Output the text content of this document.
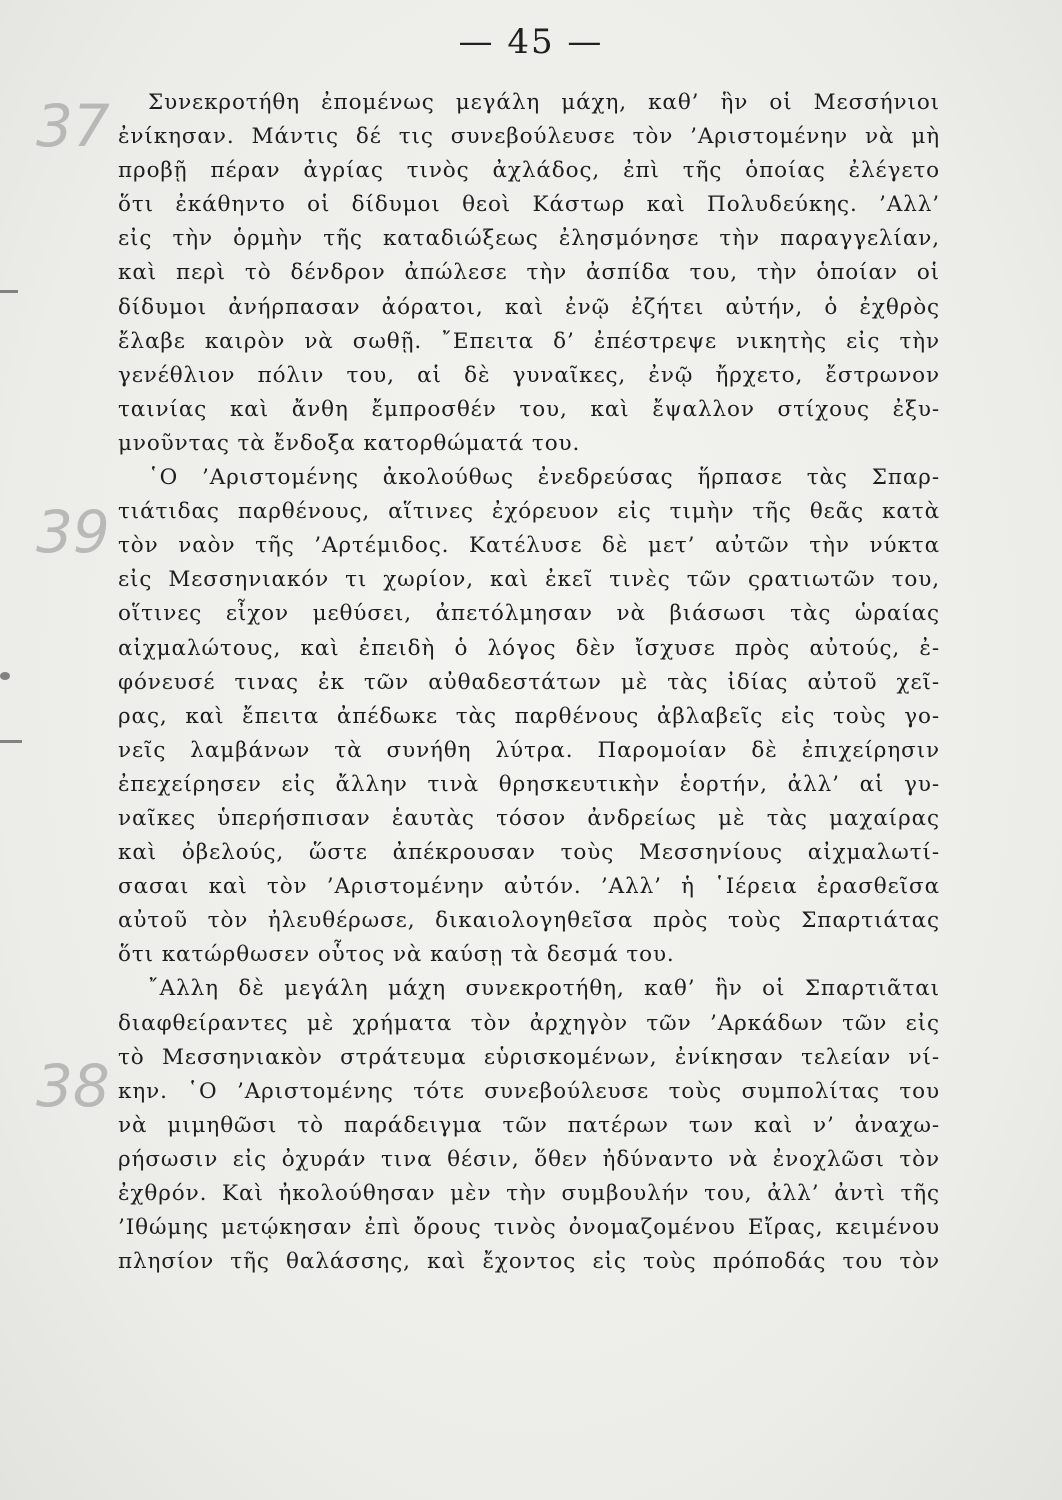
— 45 —
37
39
38
Συνεκροτήθη ἐπομένως μεγάλη μάχη, καθ’ ἣν οἱ Μεσσήνιοι
ἐνίκησαν. Μάντις δέ τις συνεβούλευσε τὸν ’Αριστομένην νὰ μὴ
προβῇ πέραν ἀγρίας τινὸς ἀχλάδος, ἐπὶ τῆς ὁποίας ἐλέγετο
ὅτι ἐκάθηντο οἱ δίδυμοι θεοὶ Κάστωρ καὶ Πολυδεύκης. ’Αλλ’
εἰς τὴν ὁρμὴν τῆς καταδιώξεως ἐλησμόνησε τὴν παραγγελίαν,
καὶ περὶ τὸ δένδρον ἀπώλεσε τὴν ἀσπίδα του, τὴν ὁποίαν οἱ
δίδυμοι ἀνήρπασαν ἀόρατοι, καὶ ἐνῷ ἐζήτει αὐτήν, ὁ ἐχθρὸς
ἔλαβε καιρὸν νὰ σωθῇ. ῎Επειτα δ’ ἐπέστρεψε νικητὴς εἰς τὴν
γενέθλιον πόλιν του, αἱ δὲ γυναῖκες, ἐνῷ ἤρχετο, ἔστρωνον
ταινίας καὶ ἄνθη ἔμπροσθέν του, καὶ ἔψαλλον στίχους ἐξυ-
μνοῦντας τὰ ἔνδοξα κατορθώματά του.
῾Ο ’Αριστομένης ἀκολούθως ἐνεδρεύσας ἥρπασε τὰς Σπαρ-
τιάτιδας παρθένους, αἵτινες ἐχόρευον εἰς τιμὴν τῆς θεᾶς κατὰ
τὸν ναὸν τῆς ’Αρτέμιδος. Κατέλυσε δὲ μετ’ αὐτῶν τὴν νύκτα
εἰς Μεσσηνιακόν τι χωρίον, καὶ ἐκεῖ τινὲς τῶν ςρατιωτῶν του,
οἵτινες εἶχον μεθύσει, ἀπετόλμησαν νὰ βιάσωσι τὰς ὡραίας
αἰχμαλώτους, καὶ ἐπειδὴ ὁ λόγος δὲν ἴσχυσε πρὸς αὐτούς, ἐ-
φόνευσέ τινας ἐκ τῶν αὐθαδεστάτων μὲ τὰς ἰδίας αὐτοῦ χεῖ-
ρας, καὶ ἔπειτα ἀπέδωκε τὰς παρθένους ἀβλαβεῖς εἰς τοὺς γο-
νεῖς λαμβάνων τὰ συνήθη λύτρα. Παρομοίαν δὲ ἐπιχείρησιν
ἐπεχείρησεν εἰς ἄλλην τινὰ θρησκευτικὴν ἑορτήν, ἀλλ’ αἱ γυ-
ναῖκες ὑπερήσπισαν ἑαυτὰς τόσον ἀνδρείως μὲ τὰς μαχαίρας
καὶ ὀβελούς, ὥστε ἀπέκρουσαν τοὺς Μεσσηνίους αἰχμαλωτί-
σασαι καὶ τὸν ’Αριστομένην αὐτόν. ’Αλλ’ ἡ ῾Ιέρεια ἐρασθεῖσα
αὐτοῦ τὸν ἠλευθέρωσε, δικαιολογηθεῖσα πρὸς τοὺς Σπαρτιάτας
ὅτι κατώρθωσεν οὗτος νὰ καύσῃ τὰ δεσμά του.
῎Αλλη δὲ μεγάλη μάχη συνεκροτήθη, καθ’ ἣν οἱ Σπαρτιᾶται
διαφθείραντες μὲ χρήματα τὸν ἀρχηγὸν τῶν ’Αρκάδων τῶν εἰς
τὸ Μεσσηνιακὸν στράτευμα εὑρισκομένων, ἐνίκησαν τελείαν νί-
κην. ῾Ο ’Αριστομένης τότε συνεβούλευσε τοὺς συμπολίτας του
νὰ μιμηθῶσι τὸ παράδειγμα τῶν πατέρων των καὶ ν’ ἀναχω-
ρήσωσιν εἰς ὀχυράν τινα θέσιν, ὅθεν ἠδύναντο νὰ ἐνοχλῶσι τὸν
ἐχθρόν. Καὶ ἠκολούθησαν μὲν τὴν συμβουλήν του, ἀλλ’ ἀντὶ τῆς
’Ιθώμης μετῴκησαν ἐπὶ ὄρους τινὸς ὀνομαζομένου Εἴρας, κειμένου
πλησίον τῆς θαλάσσης, καὶ ἔχοντος εἰς τοὺς πρόποδάς του τὸν
